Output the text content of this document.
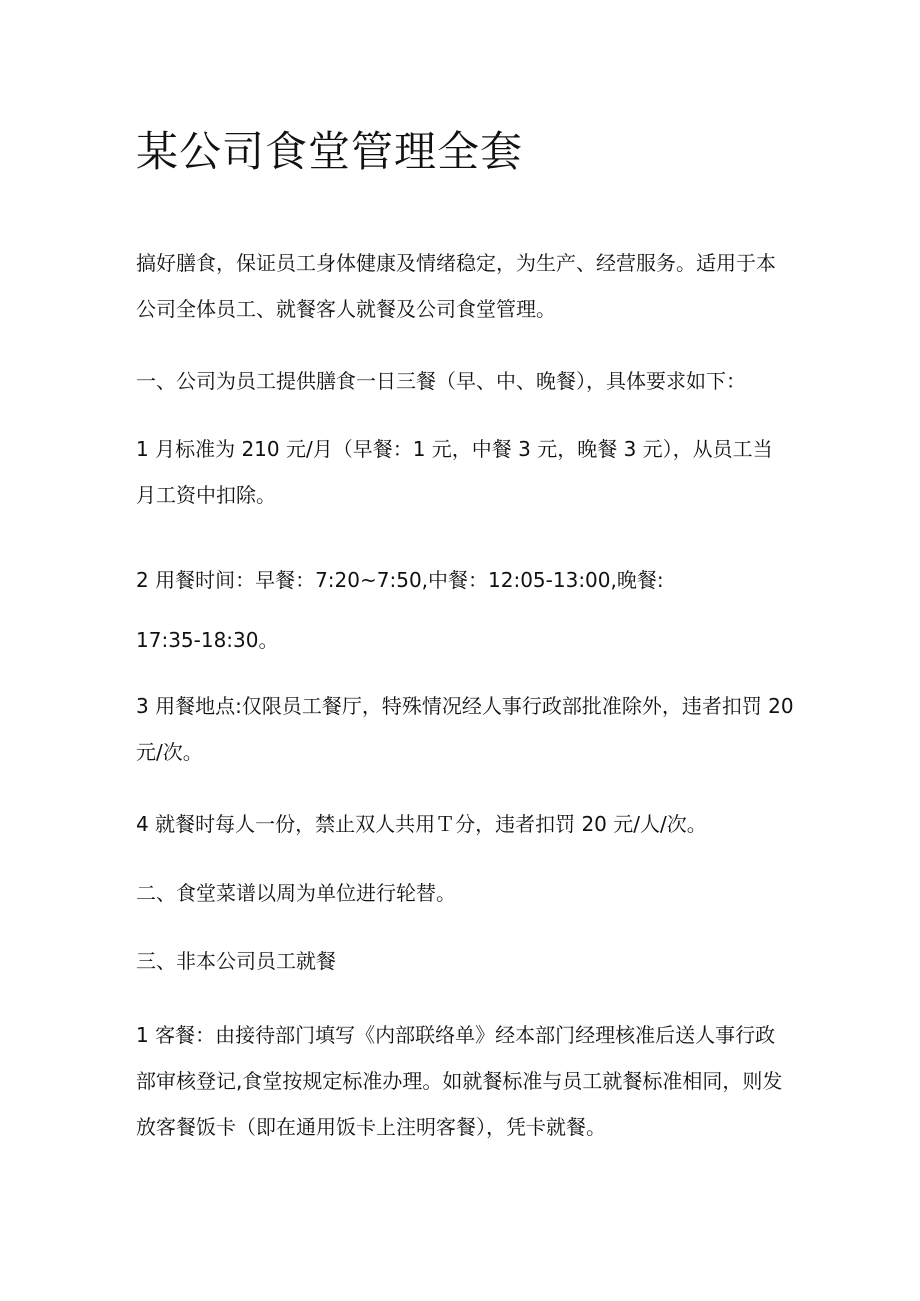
某公司食堂管理全套

搞好膳食，保证员工身体健康及情绪稳定，为生产、经营服务。适用于本
公司全体员工、就餐客人就餐及公司食堂管理。

一、公司为员工提供膳食一日三餐（早、中、晚餐），具体要求如下：

1 月标准为 210 元/月（早餐：1 元，中餐 3 元，晚餐 3 元），从员工当
月工资中扣除。

2 用餐时间：早餐：7:20~7:50,中餐：12:05-13:00,晚餐:

17:35-18:30。

3 用餐地点:仅限员工餐厅，特殊情况经人事行政部批准除外，违者扣罚 20
元/次。

4 就餐时每人一份，禁止双人共用Ｔ分，违者扣罚 20 元/人/次。

二、食堂菜谱以周为单位进行轮替。

三、非本公司员工就餐

1 客餐：由接待部门填写《内部联络单》经本部门经理核准后送人事行政
部审核登记,食堂按规定标准办理。如就餐标准与员工就餐标准相同，则发
放客餐饭卡（即在通用饭卡上注明客餐），凭卡就餐。
